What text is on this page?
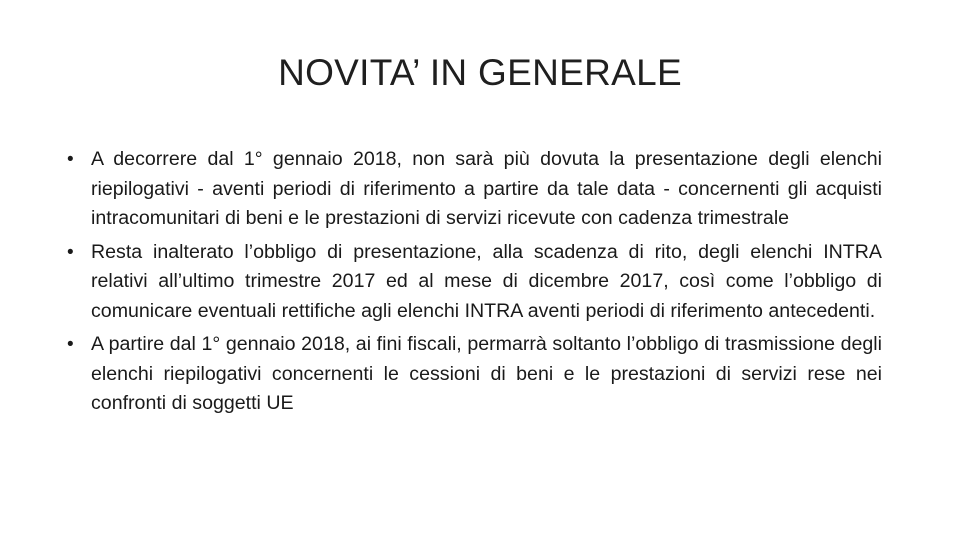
NOVITA’ IN GENERALE
• A decorrere dal 1° gennaio 2018, non sarà più dovuta la presentazione degli elenchi riepilogativi - aventi periodi di riferimento a partire da tale data - concernenti gli acquisti intracomunitari di beni e le prestazioni di servizi ricevute con cadenza trimestrale
• Resta inalterato l’obbligo di presentazione, alla scadenza di rito, degli elenchi INTRA relativi all’ultimo trimestre 2017 ed al mese di dicembre 2017, così come l’obbligo di comunicare eventuali rettifiche agli elenchi INTRA aventi periodi di riferimento antecedenti.
• A partire dal 1° gennaio 2018, ai fini fiscali, permarrà soltanto l’obbligo di trasmissione degli elenchi riepilogativi concernenti le cessioni di beni e le prestazioni di servizi rese nei confronti di soggetti UE
